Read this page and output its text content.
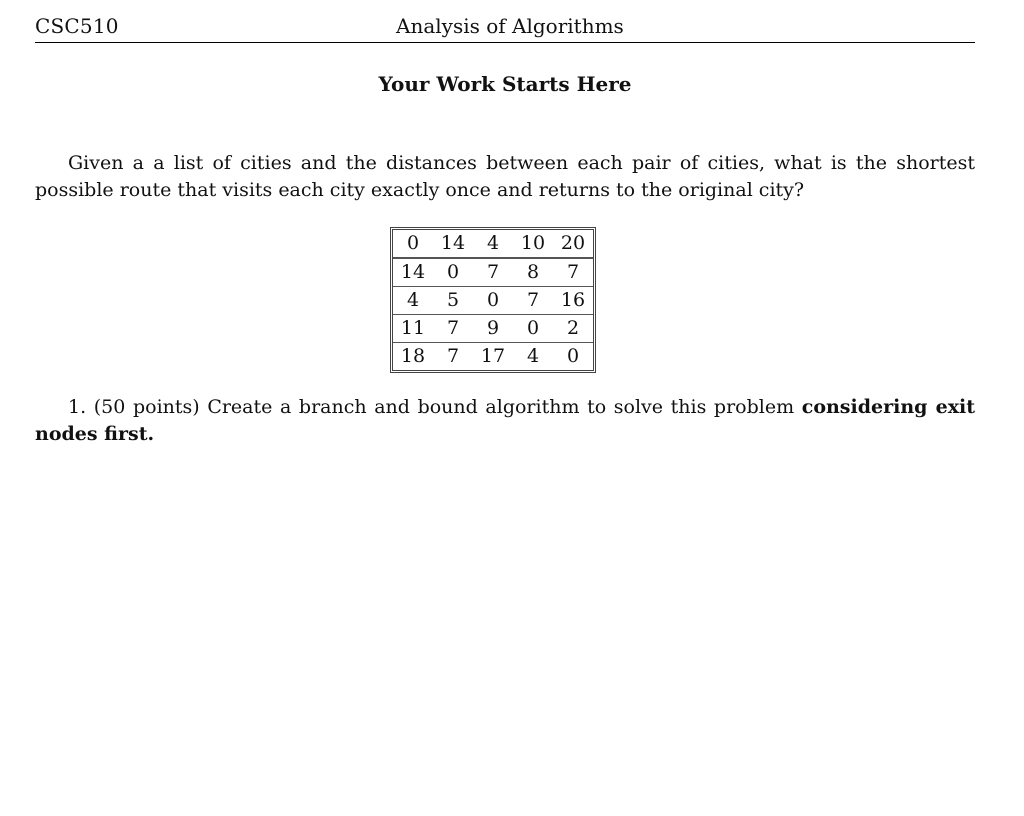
CSC510	Analysis of Algorithms
Your Work Starts Here
Given a a list of cities and the distances between each pair of cities, what is the shortest possible route that visits each city exactly once and returns to the original city?
0	14	4	10	20
14	0	7	8	7
4	5	0	7	16
11	7	9	0	2
18	7	17	4	0
1. (50 points) Create a branch and bound algorithm to solve this problem considering exit nodes first.
